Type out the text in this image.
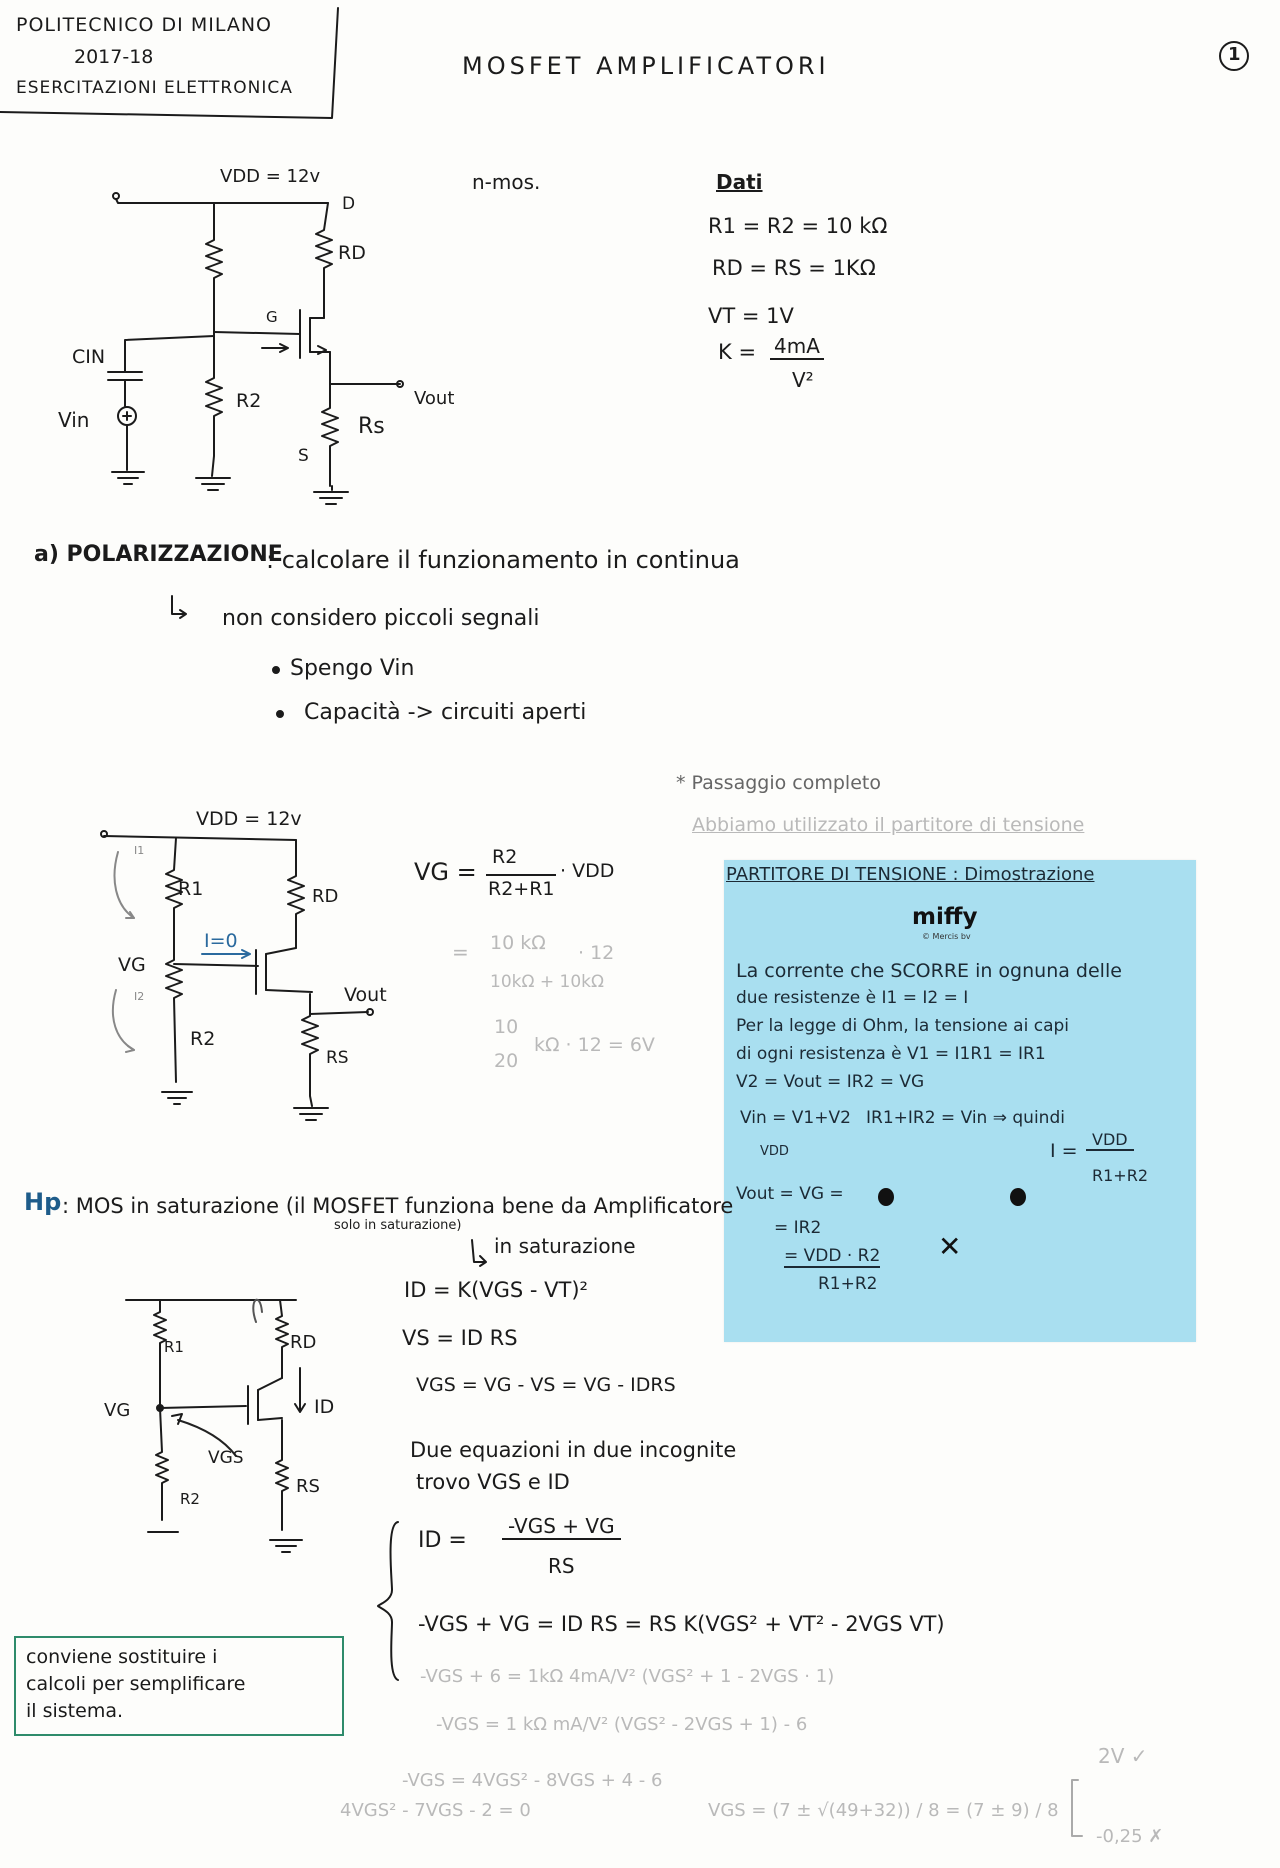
POLITECNICO DI MILANO
2017-18
ESERCITAZIONI ELETTRONICA
MOSFET AMPLIFICATORI	1
VDD = 12v
D
RD
G
CIN
R2
Vin
S
Rs
Vout
n-mos.	Dati
R1 = R2 = 10 kΩ
RD = RS = 1KΩ
VT = 1V
K = 4mA
V²
a) POLARIZZAZIONE
: calcolare il funzionamento in continua
non considero piccoli segnali
Spengo Vin
Capacità -> circuiti aperti
* Passaggio completo
Abbiamo utilizzato il partitore di tensione
VDD = 12v
I1
R1	RD
I=0
VG
Vout
I2
R2
RS
VG =
R2
R2+R1
· VDD
= 10 kΩ · 12
10kΩ + 10kΩ
10
20
kΩ · 12 = 6V
PARTITORE DI TENSIONE : Dimostrazione
miffy
© Mercis bv
La corrente che SCORRE in ognuna delle
due resistenze è I1 = I2 = I
Per la legge di Ohm, la tensione ai capi
di ogni resistenza è V1 = I1R1 = IR1
V2 = Vout = IR2 = VG
Vin = V1+V2 IR1+IR2 = Vin ⇒ quindi
VDD	I =
VDD
R1+R2
Vout = VG =
= IR2
= VDD · R2
R1+R2
✕
Hp : MOS in saturazione (il MOSFET funziona bene da Amplificatore
solo in saturazione)
in saturazione
ID = K(VGS - VT)²
VS = ID RS
VGS = VG - VS = VG - IDRS
Due equazioni in due incognite
trovo VGS e ID
ID =
-VGS + VG
RS
-VGS + VG = ID RS = RS K(VGS² + VT² - 2VGS VT)
-VGS + 6 = 1kΩ 4mA/V² (VGS² + 1 - 2VGS · 1)
-VGS = 1 kΩ mA/V² (VGS² - 2VGS + 1) - 6
-VGS = 4VGS² - 8VGS + 4 - 6
4VGS² - 7VGS - 2 = 0	VGS = (7 ± √(49+32)) / 8 = (7 ± 9) / 8
2V ✓
-0,25 ✗
R1	RD
VG	ID
VGS
R2
RS
conviene sostituire i
calcoli per semplificare
il sistema.
